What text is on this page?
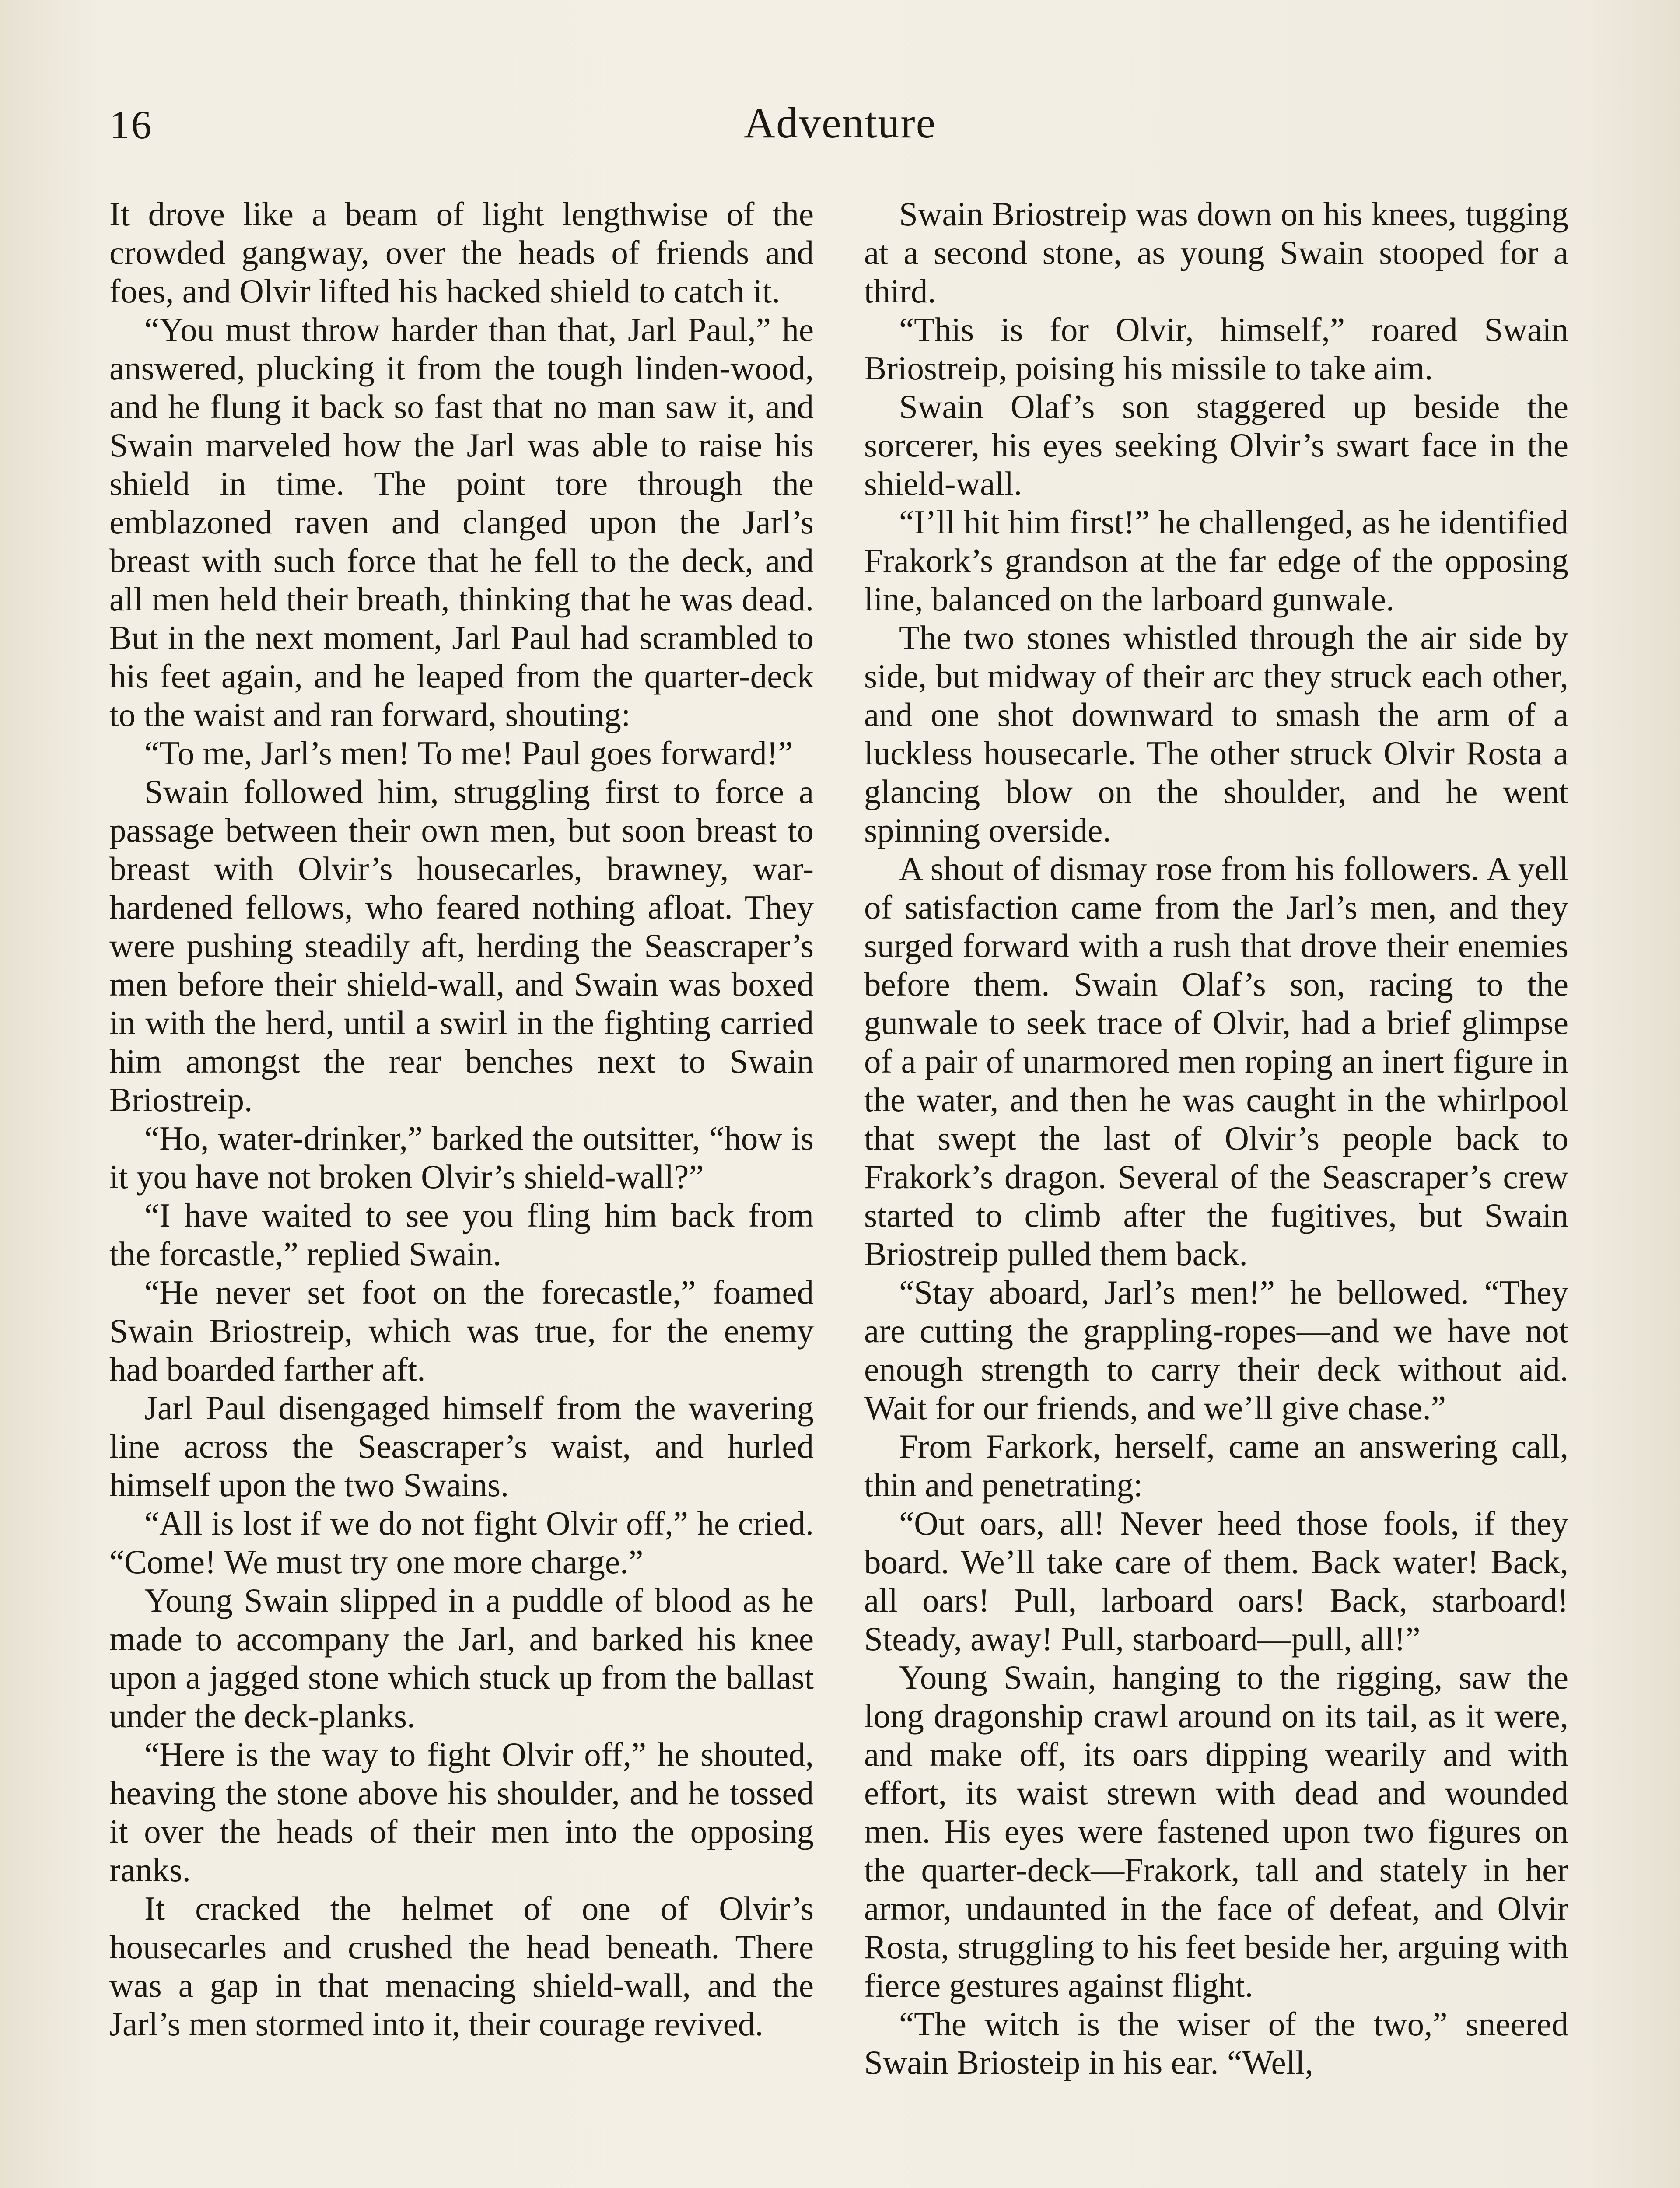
16	Adventure

It drove like a beam of light lengthwise of the crowded gangway, over the heads of friends and foes, and Olvir lifted his hacked shield to catch it.

“You must throw harder than that, Jarl Paul,” he answered, plucking it from the tough linden-wood, and he flung it back so fast that no man saw it, and Swain marveled how the Jarl was able to raise his shield in time. The point tore through the emblazoned raven and clanged upon the Jarl’s breast with such force that he fell to the deck, and all men held their breath, thinking that he was dead. But in the next moment, Jarl Paul had scrambled to his feet again, and he leaped from the quarter-deck to the waist and ran forward, shouting:

“To me, Jarl’s men! To me! Paul goes forward!”

Swain followed him, struggling first to force a passage between their own men, but soon breast to breast with Olvir’s housecarles, brawney, war-hardened fellows, who feared nothing afloat. They were pushing steadily aft, herding the Seascraper’s men before their shield-wall, and Swain was boxed in with the herd, until a swirl in the fighting carried him amongst the rear benches next to Swain Briostreip.

“Ho, water-drinker,” barked the outsitter, “how is it you have not broken Olvir’s shield-wall?”

“I have waited to see you fling him back from the forcastle,” replied Swain.

“He never set foot on the forecastle,” foamed Swain Briostreip, which was true, for the enemy had boarded farther aft.

Jarl Paul disengaged himself from the wavering line across the Seascraper’s waist, and hurled himself upon the two Swains.

“All is lost if we do not fight Olvir off,” he cried. “Come! We must try one more charge.”

Young Swain slipped in a puddle of blood as he made to accompany the Jarl, and barked his knee upon a jagged stone which stuck up from the ballast under the deck-planks.

“Here is the way to fight Olvir off,” he shouted, heaving the stone above his shoulder, and he tossed it over the heads of their men into the opposing ranks.

It cracked the helmet of one of Olvir’s housecarles and crushed the head beneath. There was a gap in that menacing shield-wall, and the Jarl’s men stormed into it, their courage revived.

Swain Briostreip was down on his knees, tugging at a second stone, as young Swain stooped for a third.

“This is for Olvir, himself,” roared Swain Briostreip, poising his missile to take aim.

Swain Olaf’s son staggered up beside the sorcerer, his eyes seeking Olvir’s swart face in the shield-wall.

“I’ll hit him first!” he challenged, as he identified Frakork’s grandson at the far edge of the opposing line, balanced on the larboard gunwale.

The two stones whistled through the air side by side, but midway of their arc they struck each other, and one shot downward to smash the arm of a luckless housecarle. The other struck Olvir Rosta a glancing blow on the shoulder, and he went spinning overside.

A shout of dismay rose from his followers. A yell of satisfaction came from the Jarl’s men, and they surged forward with a rush that drove their enemies before them. Swain Olaf’s son, racing to the gunwale to seek trace of Olvir, had a brief glimpse of a pair of unarmored men roping an inert figure in the water, and then he was caught in the whirlpool that swept the last of Olvir’s people back to Frakork’s dragon. Several of the Seascraper’s crew started to climb after the fugitives, but Swain Briostreip pulled them back.

“Stay aboard, Jarl’s men!” he bellowed. “They are cutting the grappling-ropes—and we have not enough strength to carry their deck without aid. Wait for our friends, and we’ll give chase.”

From Farkork, herself, came an answering call, thin and penetrating:

“Out oars, all! Never heed those fools, if they board. We’ll take care of them. Back water! Back, all oars! Pull, larboard oars! Back, starboard! Steady, away! Pull, starboard—pull, all!”

Young Swain, hanging to the rigging, saw the long dragonship crawl around on its tail, as it were, and make off, its oars dipping wearily and with effort, its waist strewn with dead and wounded men. His eyes were fastened upon two figures on the quarter-deck—Frakork, tall and stately in her armor, undaunted in the face of defeat, and Olvir Rosta, struggling to his feet beside her, arguing with fierce gestures against flight.

“The witch is the wiser of the two,” sneered Swain Briosteip in his ear. “Well,
